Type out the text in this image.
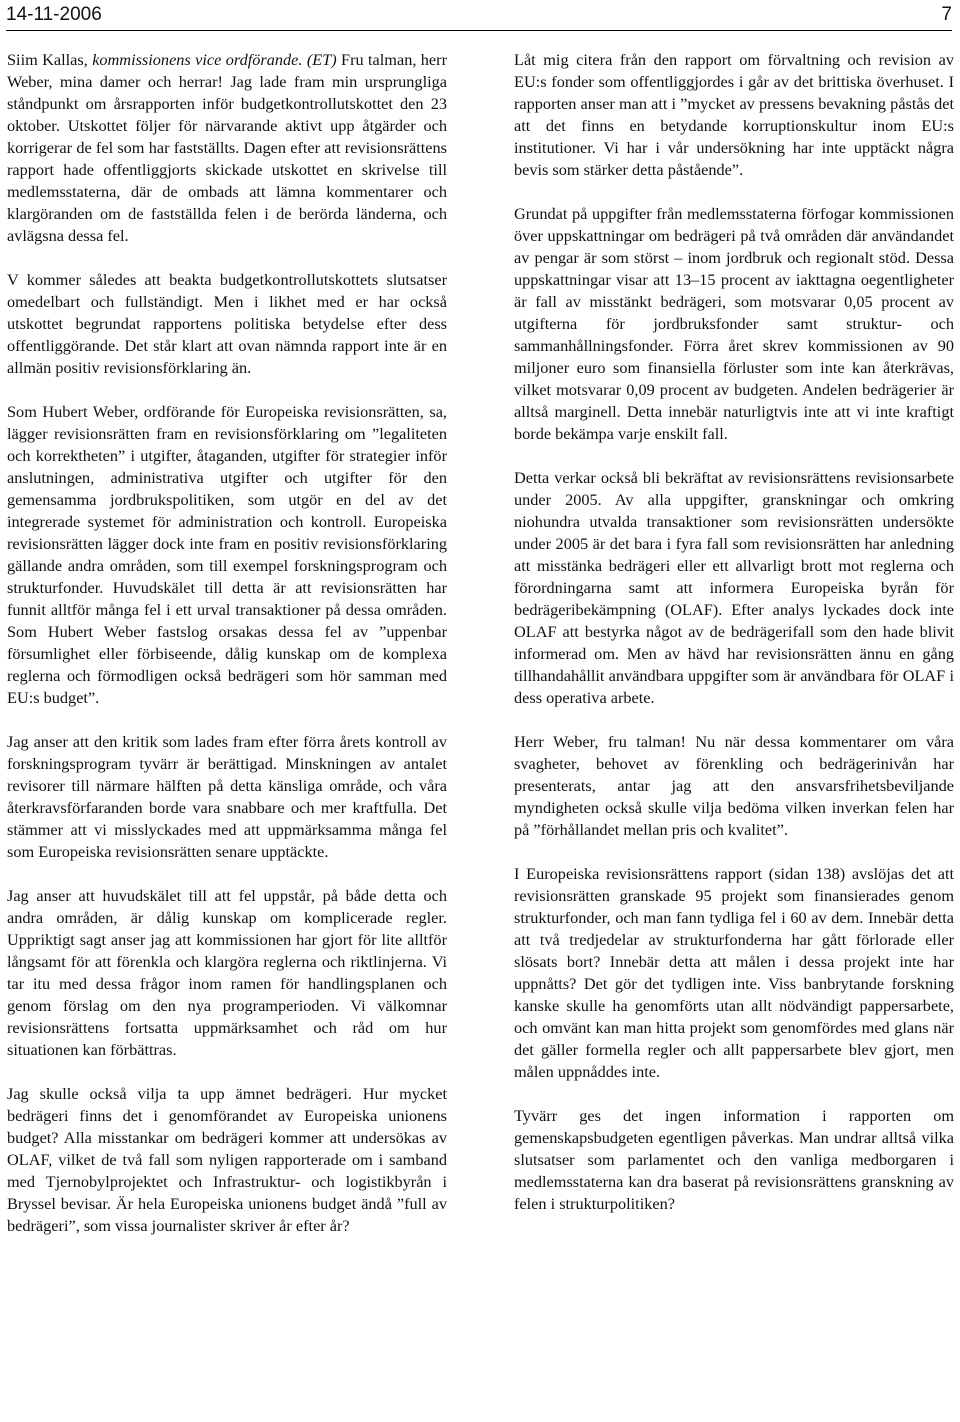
14-11-2006	7

Siim Kallas, kommissionens vice ordförande. (ET) Fru talman, herr Weber, mina damer och herrar! Jag lade fram min ursprungliga ståndpunkt om årsrapporten inför budgetkontrollutskottet den 23 oktober. Utskottet följer för närvarande aktivt upp åtgärder och korrigerar de fel som har fastställts. Dagen efter att revisionsrättens rapport hade offentliggjorts skickade utskottet en skrivelse till medlemsstaterna, där de ombads att lämna kommentarer och klargöranden om de fastställda felen i de berörda länderna, och avlägsna dessa fel.

V kommer således att beakta budgetkontrollutskottets slutsatser omedelbart och fullständigt. Men i likhet med er har också utskottet begrundat rapportens politiska betydelse efter dess offentliggörande. Det står klart att ovan nämnda rapport inte är en allmän positiv revisionsförklaring än.

Som Hubert Weber, ordförande för Europeiska revisionsrätten, sa, lägger revisionsrätten fram en revisionsförklaring om ”legaliteten och korrektheten” i utgifter, åtaganden, utgifter för strategier inför anslutningen, administrativa utgifter och utgifter för den gemensamma jordbrukspolitiken, som utgör en del av det integrerade systemet för administration och kontroll. Europeiska revisionsrätten lägger dock inte fram en positiv revisionsförklaring gällande andra områden, som till exempel forskningsprogram och strukturfonder. Huvudskälet till detta är att revisionsrätten har funnit alltför många fel i ett urval transaktioner på dessa områden. Som Hubert Weber fastslog orsakas dessa fel av ”uppenbar försumlighet eller förbiseende, dålig kunskap om de komplexa reglerna och förmodligen också bedrägeri som hör samman med EU:s budget”.

Jag anser att den kritik som lades fram efter förra årets kontroll av forskningsprogram tyvärr är berättigad. Minskningen av antalet revisorer till närmare hälften på detta känsliga område, och våra återkravsförfaranden borde vara snabbare och mer kraftfulla. Det stämmer att vi misslyckades med att uppmärksamma många fel som Europeiska revisionsrätten senare upptäckte.

Jag anser att huvudskälet till att fel uppstår, på både detta och andra områden, är dålig kunskap om komplicerade regler. Uppriktigt sagt anser jag att kommissionen har gjort för lite alltför långsamt för att förenkla och klargöra reglerna och riktlinjerna. Vi tar itu med dessa frågor inom ramen för handlingsplanen och genom förslag om den nya programperioden. Vi välkomnar revisionsrättens fortsatta uppmärksamhet och råd om hur situationen kan förbättras.

Jag skulle också vilja ta upp ämnet bedrägeri. Hur mycket bedrägeri finns det i genomförandet av Europeiska unionens budget? Alla misstankar om bedrägeri kommer att undersökas av OLAF, vilket de två fall som nyligen rapporterade om i samband med Tjernobylprojektet och Infrastruktur- och logistikbyrån i Bryssel bevisar. Är hela Europeiska unionens budget ändå ”full av bedrägeri”, som vissa journalister skriver år efter år?

Låt mig citera från den rapport om förvaltning och revision av EU:s fonder som offentliggjordes i går av det brittiska överhuset. I rapporten anser man att i ”mycket av pressens bevakning påstås det att det finns en betydande korruptionskultur inom EU:s institutioner. Vi har i vår undersökning har inte upptäckt några bevis som stärker detta påstående”.

Grundat på uppgifter från medlemsstaterna förfogar kommissionen över uppskattningar om bedrägeri på två områden där användandet av pengar är som störst – inom jordbruk och regionalt stöd. Dessa uppskattningar visar att 13–15 procent av iakttagna oegentligheter är fall av misstänkt bedrägeri, som motsvarar 0,05 procent av utgifterna för jordbruksfonder samt struktur- och sammanhållningsfonder. Förra året skrev kommissionen av 90 miljoner euro som finansiella förluster som inte kan återkrävas, vilket motsvarar 0,09 procent av budgeten. Andelen bedrägerier är alltså marginell. Detta innebär naturligtvis inte att vi inte kraftigt borde bekämpa varje enskilt fall.

Detta verkar också bli bekräftat av revisionsrättens revisionsarbete under 2005. Av alla uppgifter, granskningar och omkring niohundra utvalda transaktioner som revisionsrätten undersökte under 2005 är det bara i fyra fall som revisionsrätten har anledning att misstänka bedrägeri eller ett allvarligt brott mot reglerna och förordningarna samt att informera Europeiska byrån för bedrägeribekämpning (OLAF). Efter analys lyckades dock inte OLAF att bestyrka något av de bedrägerifall som den hade blivit informerad om. Men av hävd har revisionsrätten ännu en gång tillhandahållit användbara uppgifter som är användbara för OLAF i dess operativa arbete.

Herr Weber, fru talman! Nu när dessa kommentarer om våra svagheter, behovet av förenkling och bedrägerinivån har presenterats, antar jag att den ansvarsfrihetsbeviljande myndigheten också skulle vilja bedöma vilken inverkan felen har på ”förhållandet mellan pris och kvalitet”.

I Europeiska revisionsrättens rapport (sidan 138) avslöjas det att revisionsrätten granskade 95 projekt som finansierades genom strukturfonder, och man fann tydliga fel i 60 av dem. Innebär detta att två tredjedelar av strukturfonderna har gått förlorade eller slösats bort? Innebär detta att målen i dessa projekt inte har uppnåtts? Det gör det tydligen inte. Viss banbrytande forskning kanske skulle ha genomförts utan allt nödvändigt pappersarbete, och omvänt kan man hitta projekt som genomfördes med glans när det gäller formella regler och allt pappersarbete blev gjort, men målen uppnåddes inte.

Tyvärr ges det ingen information i rapporten om gemenskapsbudgeten egentligen påverkas. Man undrar alltså vilka slutsatser som parlamentet och den vanliga medborgaren i medlemsstaterna kan dra baserat på revisionsrättens granskning av felen i strukturpolitiken?
